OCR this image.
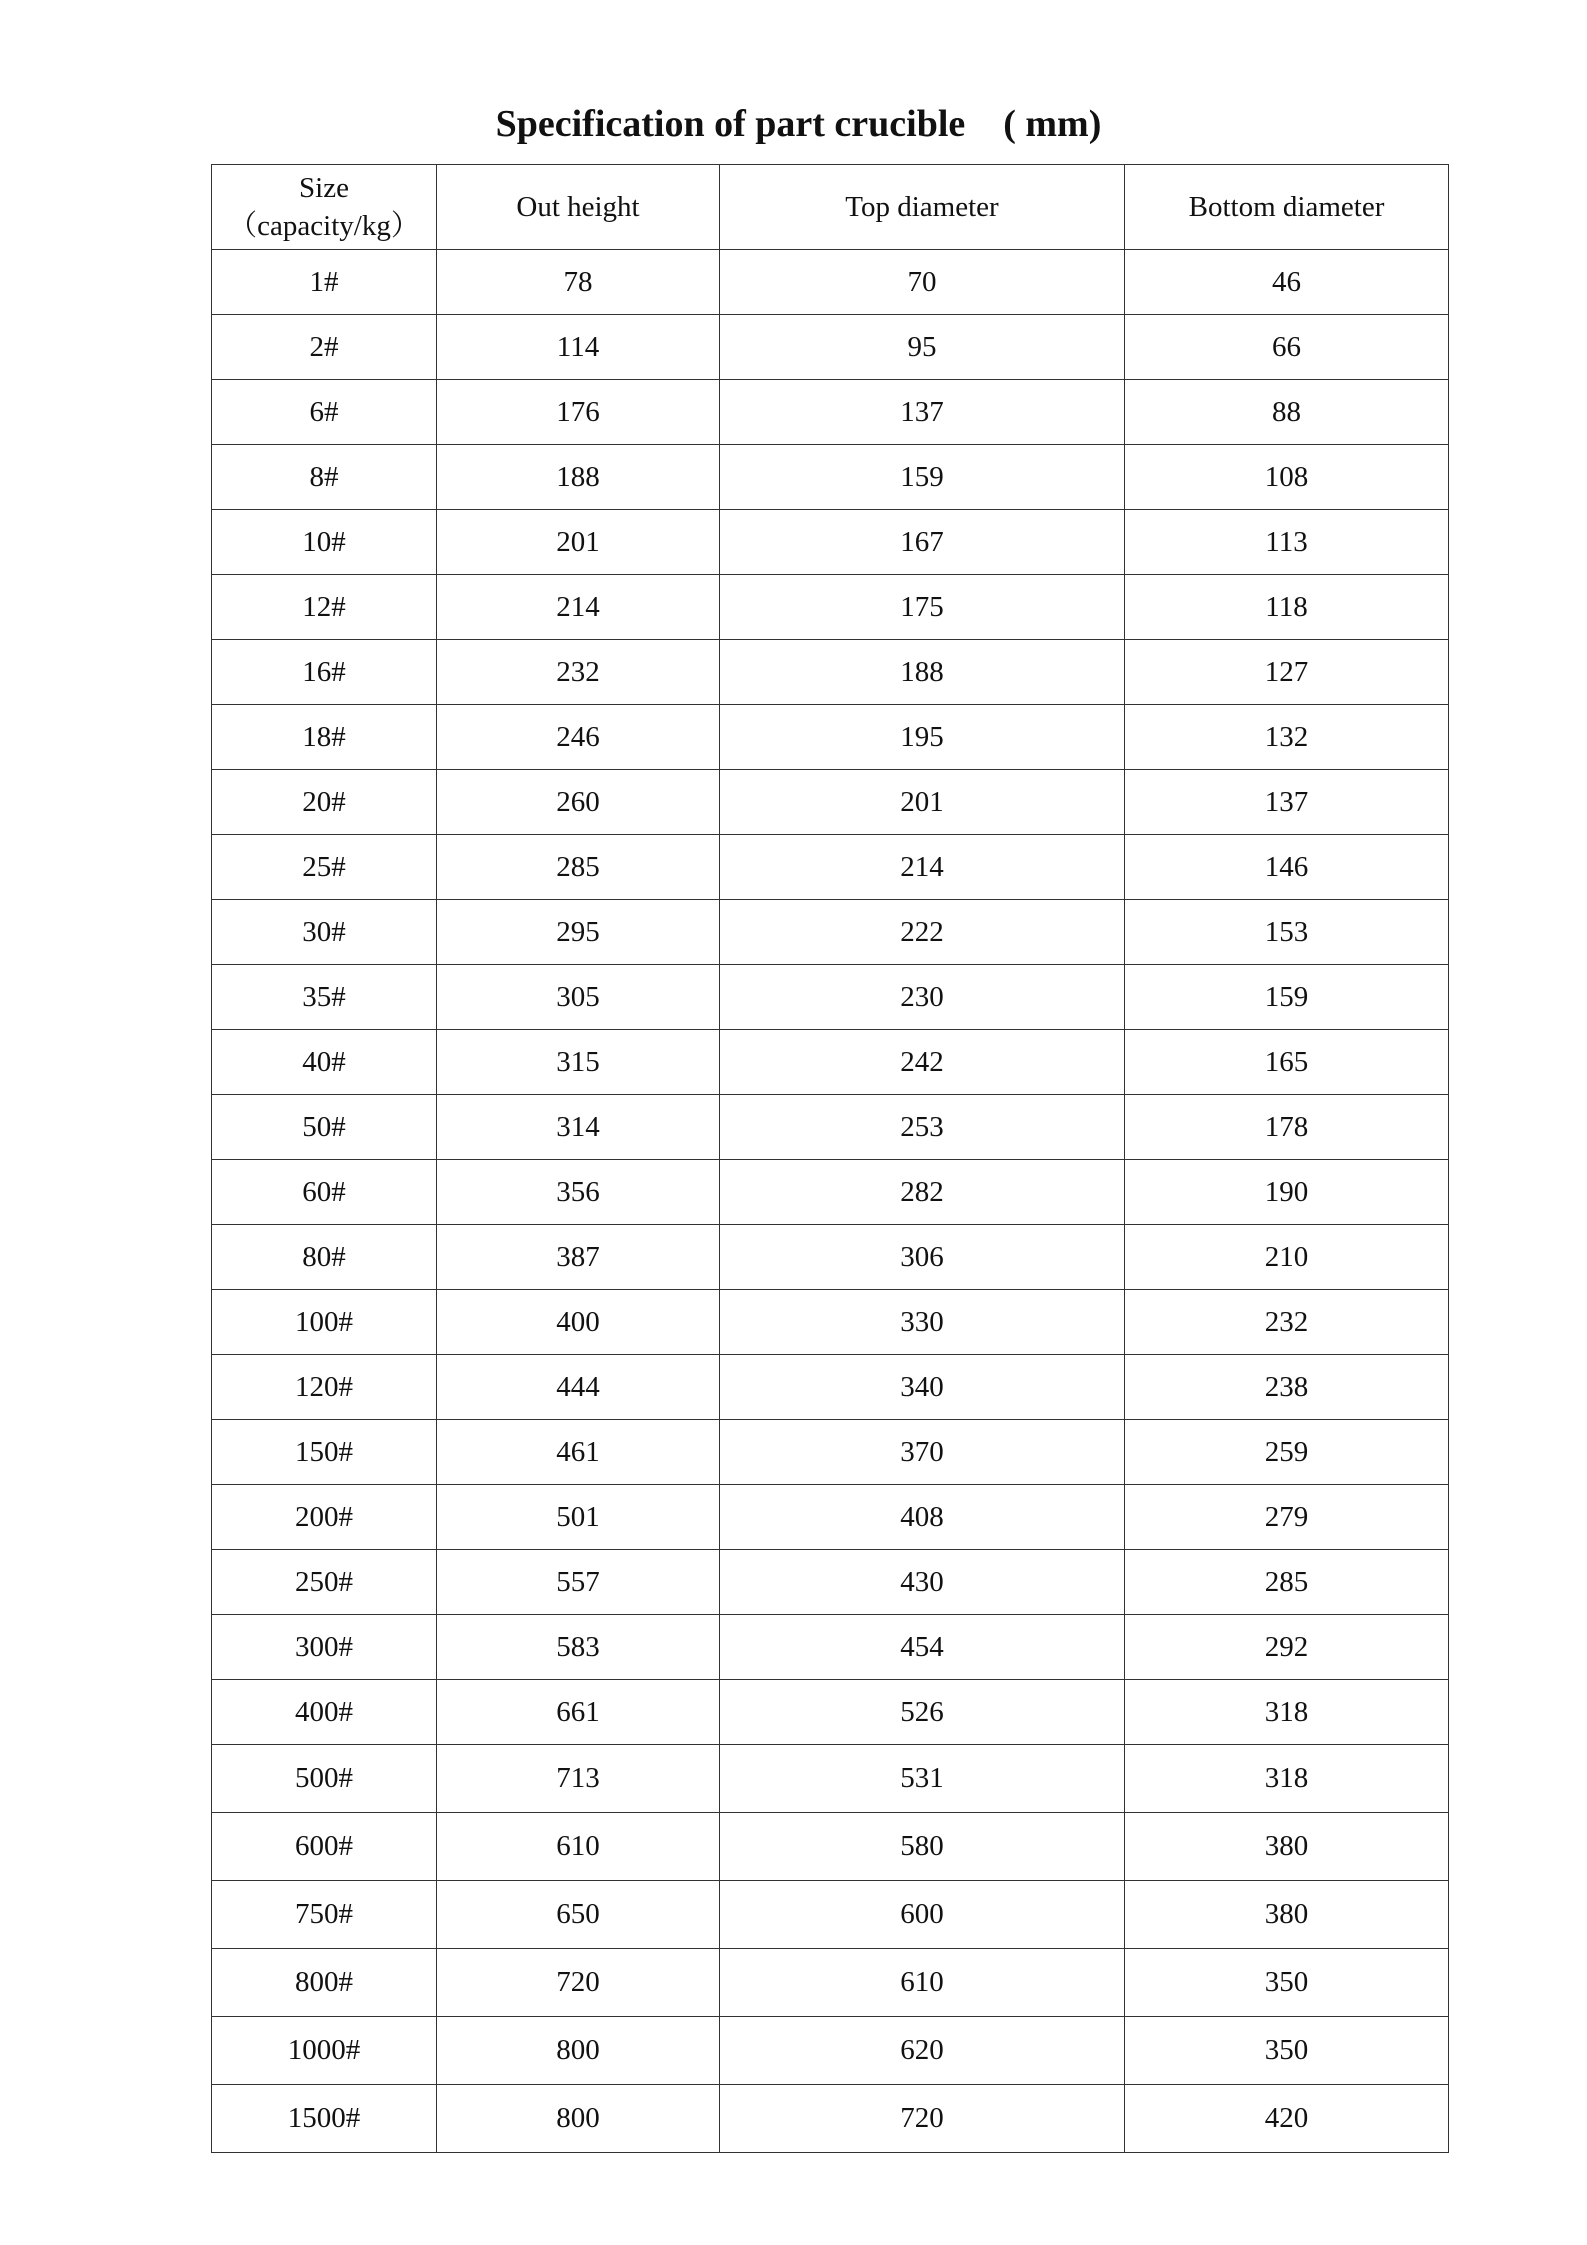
Specification of part crucible ( mm)
Size
（capacity/kg）	Out height	Top diameter	Bottom diameter
1#	78	70	46
2#	114	95	66
6#	176	137	88
8#	188	159	108
10#	201	167	113
12#	214	175	118
16#	232	188	127
18#	246	195	132
20#	260	201	137
25#	285	214	146
30#	295	222	153
35#	305	230	159
40#	315	242	165
50#	314	253	178
60#	356	282	190
80#	387	306	210
100#	400	330	232
120#	444	340	238
150#	461	370	259
200#	501	408	279
250#	557	430	285
300#	583	454	292
400#	661	526	318
500#	713	531	318
600#	610	580	380
750#	650	600	380
800#	720	610	350
1000#	800	620	350
1500#	800	720	420
